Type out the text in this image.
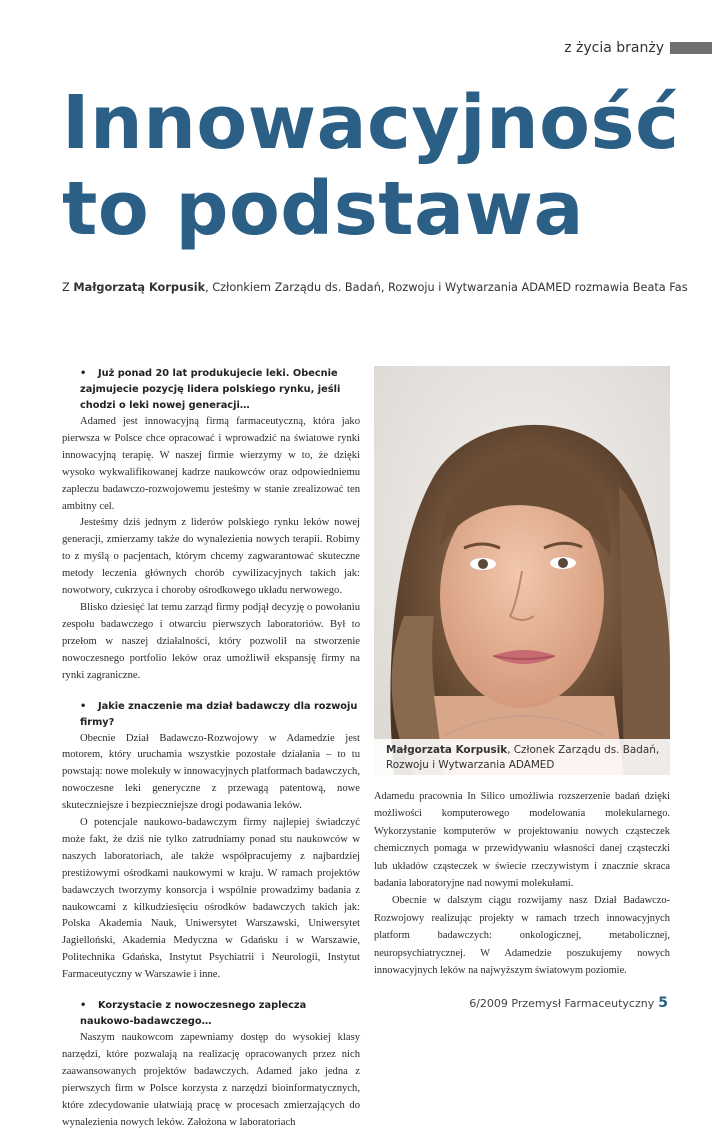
z życia branży
Innowacyjność
to podstawa
Z Małgorzatą Korpusik, Członkiem Zarządu ds. Badań, Rozwoju i Wytwarzania ADAMED rozmawia Beata Fas

• Już ponad 20 lat produkujecie leki. Obecnie zajmujecie pozycję lidera polskiego rynku, jeśli chodzi o leki nowej generacji…

Adamed jest innowacyjną firmą farmaceutyczną, która jako pierwsza w Polsce chce opracować i wprowadzić na światowe rynki innowacyjną terapię. W naszej firmie wierzymy w to, że dzięki wysoko wykwalifikowanej kadrze naukowców oraz odpowiedniemu zapleczu badawczo-rozwojowemu jesteśmy w stanie zrealizować ten ambitny cel.

Jesteśmy dziś jednym z liderów polskiego rynku leków nowej generacji, zmierzamy także do wynalezienia nowych terapii. Robimy to z myślą o pacjentach, którym chcemy zagwarantować skuteczne metody leczenia głównych chorób cywilizacyjnych takich jak: nowotwory, cukrzyca i choroby ośrodkowego układu nerwowego.

Blisko dziesięć lat temu zarząd firmy podjął decyzję o powołaniu zespołu badawczego i otwarciu pierwszych laboratoriów. Był to przełom w naszej działalności, który pozwolił na stworzenie nowoczesnego portfolio leków oraz umożliwił ekspansję firmy na rynki zagraniczne.

• Jakie znaczenie ma dział badawczy dla rozwoju firmy?

Obecnie Dział Badawczo-Rozwojowy w Adamedzie jest motorem, który uruchamia wszystkie pozostałe działania – to tu powstają: nowe molekuły w innowacyjnych platformach badawczych, nowoczesne leki generyczne z przewagą patentową, nowe skuteczniejsze i bezpieczniejsze drogi podawania leków.

O potencjale naukowo-badawczym firmy najlepiej świadczyć może fakt, że dziś nie tylko zatrudniamy ponad stu naukowców w naszych laboratoriach, ale także współpracujemy z najbardziej prestiżowymi ośrodkami naukowymi w kraju. W ramach projektów badawczych tworzymy konsorcja i wspólnie prowadzimy badania z naukowcami z kilkudziesięciu ośrodków badawczych takich jak: Polska Akademia Nauk, Uniwersytet Warszawski, Uniwersytet Jagielloński, Akademia Medyczna w Gdańsku i w Warszawie, Politechnika Gdańska, Instytut Psychiatrii i Neurologii, Instytut Farmaceutyczny w Warszawie i inne.

• Korzystacie z nowoczesnego zaplecza naukowo-badawczego…

Naszym naukowcom zapewniamy dostęp do wysokiej klasy narzędzi, które pozwalają na realizację opracowanych przez nich zaawansowanych projektów badawczych. Adamed jako jedna z pierwszych firm w Polsce korzysta z narzędzi bioinformatycznych, które zdecydowanie ułatwiają pracę w procesach zmierzających do wynalezienia nowych leków. Założona w laboratoriach

Małgorzata Korpusik, Członek Zarządu ds. Badań, Rozwoju i Wytwarzania ADAMED

Adamedu pracownia In Silico umożliwia rozszerzenie badań dzięki możliwości komputerowego modelowania molekularnego. Wykorzystanie komputerów w projektowaniu nowych cząsteczek chemicznych pomaga w przewidywaniu własności danej cząsteczki lub układów cząsteczek w świecie rzeczywistym i znacznie skraca badania laboratoryjne nad nowymi molekułami.

Obecnie w dalszym ciągu rozwijamy nasz Dział Badawczo-Rozwojowy realizując projekty w ramach trzech innowacyjnych platform badawczych: onkologicznej, metabolicznej, neuropsychiatrycznej. W Adamedzie poszukujemy nowych innowacyjnych leków na najwyższym światowym poziomie.

6/2009 Przemysł Farmaceutyczny 5
